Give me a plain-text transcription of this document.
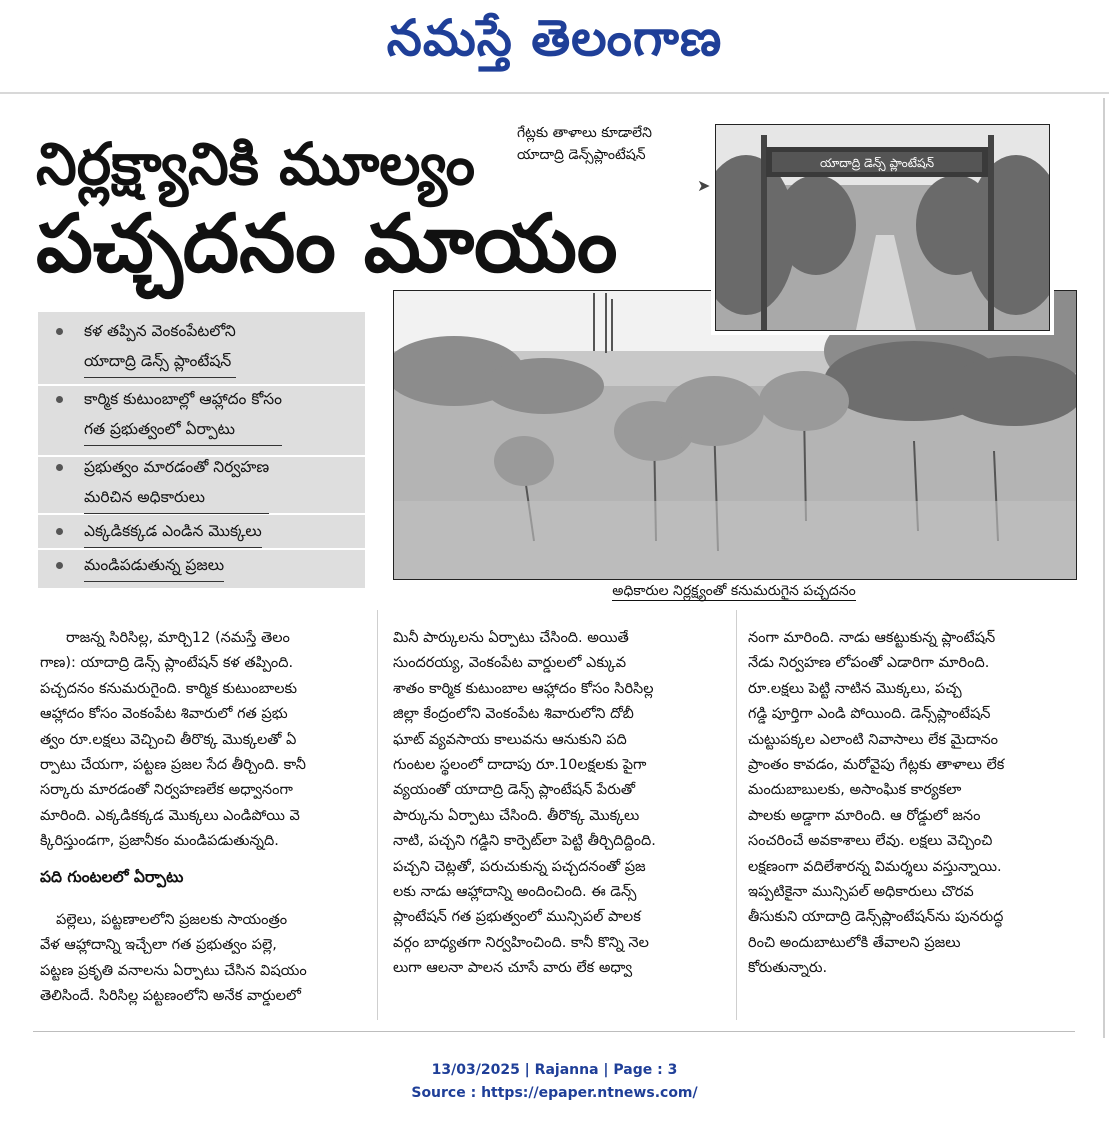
నమస్తే తెలంగాణ
నిర్లక్ష్యానికి మూల్యం
పచ్చదనం మాయం
గేట్లకు తాళాలు కూడాలేని
యాదాద్రి డెన్స్‌ప్లాంటేషన్
➤
యాదాద్రి డెన్స్ ప్లాంటేషన్
అధికారుల నిర్లక్ష్యంతో కనుమరుగైన పచ్చదనం
కళ తప్పిన వెంకంపేటలోని
యాదాద్రి డెన్స్ ప్లాంటేషన్
కార్మిక కుటుంబాల్లో ఆహ్లాదం కోసం
గత ప్రభుత్వంలో ఏర్పాటు
ప్రభుత్వం మారడంతో నిర్వహణ
మరిచిన అధికారులు
ఎక్కడికక్కడ ఎండిన మొక్కలు
మండిపడుతున్న ప్రజలు

రాజన్న సిరిసిల్ల, మార్చి12 (నమస్తే తెలం

గాణ): యాదాద్రి డెన్స్ ప్లాంటేషన్ కళ తప్పింది.

పచ్చదనం కనుమరుగైంది. కార్మిక కుటుంబాలకు

ఆహ్లాదం కోసం వెంకంపేట శివారులో గత ప్రభు

త్వం రూ.లక్షలు వెచ్చించి తీరొక్క మొక్కలతో ఏ

ర్పాటు చేయగా, పట్టణ ప్రజల సేద తీర్చింది. కానీ

సర్కారు మారడంతో నిర్వహణలేక అధ్వానంగా

మారింది. ఎక్కడికక్కడ మొక్కలు ఎండిపోయి వె

క్కిరిస్తుండగా, ప్రజానీకం మండిపడుతున్నది.

పది గుంటలలో ఏర్పాటు

పల్లెలు, పట్టణాలలోని ప్రజలకు సాయంత్రం

వేళ ఆహ్లాదాన్ని ఇచ్చేలా గత ప్రభుత్వం పల్లె,

పట్టణ ప్రకృతి వనాలను ఏర్పాటు చేసిన విషయం

తెలిసిందే. సిరిసిల్ల పట్టణంలోని అనేక వార్డులలో

మినీ పార్కులను ఏర్పాటు చేసింది. అయితే

సుందరయ్య, వెంకంపేట వార్డులలో ఎక్కువ

శాతం కార్మిక కుటుంబాల ఆహ్లాదం కోసం సిరిసిల్ల

జిల్లా కేంద్రంలోని వెంకంపేట శివారులోని దోబీ

ఘాట్ వ్యవసాయ కాలువను ఆనుకుని పది

గుంటల స్థలంలో దాదాపు రూ.10లక్షలకు పైగా

వ్యయంతో యాదాద్రి డెన్స్ ప్లాంటేషన్ పేరుతో

పార్కును ఏర్పాటు చేసింది. తీరొక్క మొక్కలు

నాటి, పచ్చని గడ్డిని కార్పెట్‌లా పెట్టి తీర్చిదిద్దింది.

పచ్చని చెట్లతో, పరుచుకున్న పచ్చదనంతో ప్రజ

లకు నాడు ఆహ్లాదాన్ని అందించింది. ఈ డెన్స్

ప్లాంటేషన్ గత ప్రభుత్వంలో మున్సిపల్ పాలక

వర్గం బాధ్యతగా నిర్వహించింది. కానీ కొన్ని నెల

లుగా ఆలనా పాలన చూసే వారు లేక అధ్వా

నంగా మారింది. నాడు ఆకట్టుకున్న ప్లాంటేషన్

నేడు నిర్వహణ లోపంతో ఎడారిగా మారింది.

రూ.లక్షలు పెట్టి నాటిన మొక్కలు, పచ్చ

గడ్డి పూర్తిగా ఎండి పోయింది. డెన్స్‌ప్లాంటేషన్

చుట్టుపక్కల ఎలాంటి నివాసాలు లేక మైదానం

ప్రాంతం కావడం, మరోవైపు గేట్లకు తాళాలు లేక

మందుబాబులకు, అసాంఘిక కార్యకలా

పాలకు అడ్డాగా మారింది. ఆ రోడ్డులో జనం

సంచరించే అవకాశాలు లేవు. లక్షలు వెచ్చించి

లక్షణంగా వదిలేశారన్న విమర్శలు వస్తున్నాయి.

ఇప్పటికైనా మున్సిపల్ అధికారులు చొరవ

తీసుకుని యాదాద్రి డెన్స్‌ప్లాంటేషన్‌ను పునరుద్ధ

రించి అందుబాటులోకి తేవాలని ప్రజలు

కోరుతున్నారు.

13/03/2025 | Rajanna | Page : 3
Source : https://epaper.ntnews.com/
